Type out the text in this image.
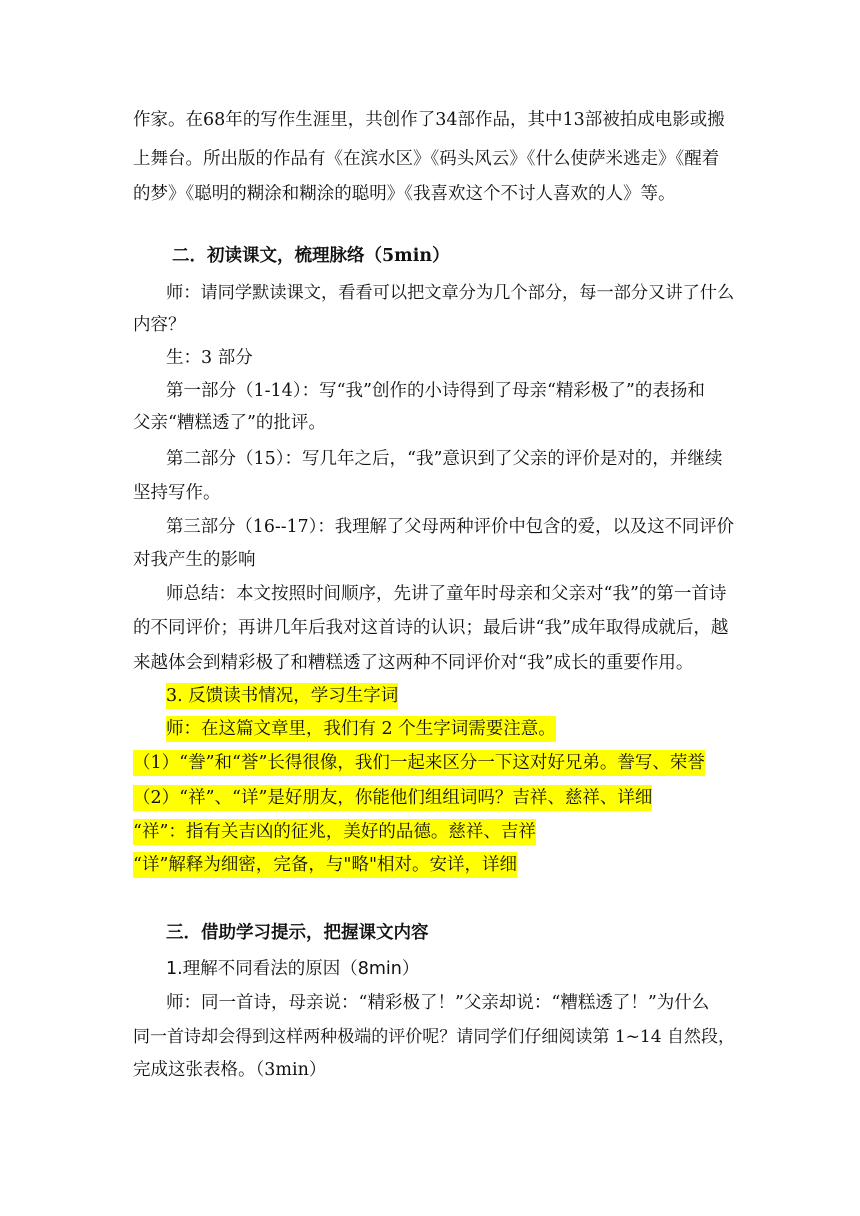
作家。在68年的写作生涯里，共创作了34部作品，其中13部被拍成电影或搬
上舞台。所出版的作品有《在滨水区》《码头风云》《什么使萨米逃走》《醒着
的梦》《聪明的糊涂和糊涂的聪明》《我喜欢这个不讨人喜欢的人》等。
二．初读课文，梳理脉络（5min）
师：请同学默读课文，看看可以把文章分为几个部分，每一部分又讲了什么
内容？
生：3 部分
第一部分（1-14）：写“我”创作的小诗得到了母亲“精彩极了”的表扬和
父亲“糟糕透了”的批评。
第二部分（15）：写几年之后，“我”意识到了父亲的评价是对的，并继续
坚持写作。
第三部分（16--17）：我理解了父母两种评价中包含的爱，以及这不同评价
对我产生的影响
师总结：本文按照时间顺序，先讲了童年时母亲和父亲对“我”的第一首诗
的不同评价；再讲几年后我对这首诗的认识；最后讲“我”成年取得成就后，越
来越体会到精彩极了和糟糕透了这两种不同评价对“我”成长的重要作用。
3. 反馈读书情况，学习生字词
师：在这篇文章里，我们有 2 个生字词需要注意。
（1）“誊”和“誉”长得很像，我们一起来区分一下这对好兄弟。誊写、荣誉
（2）“祥”、“详”是好朋友，你能他们组组词吗？吉祥、慈祥、详细
“祥”：指有关吉凶的征兆，美好的品德。慈祥、吉祥
“详”解释为细密，完备，与"略"相对。安详，详细
三．借助学习提示，把握课文内容
1.理解不同看法的原因（8min）
师：同一首诗，母亲说：“精彩极了！”父亲却说：“糟糕透了！”为什么
同一首诗却会得到这样两种极端的评价呢？请同学们仔细阅读第 1~14 自然段，
完成这张表格。（3min）
